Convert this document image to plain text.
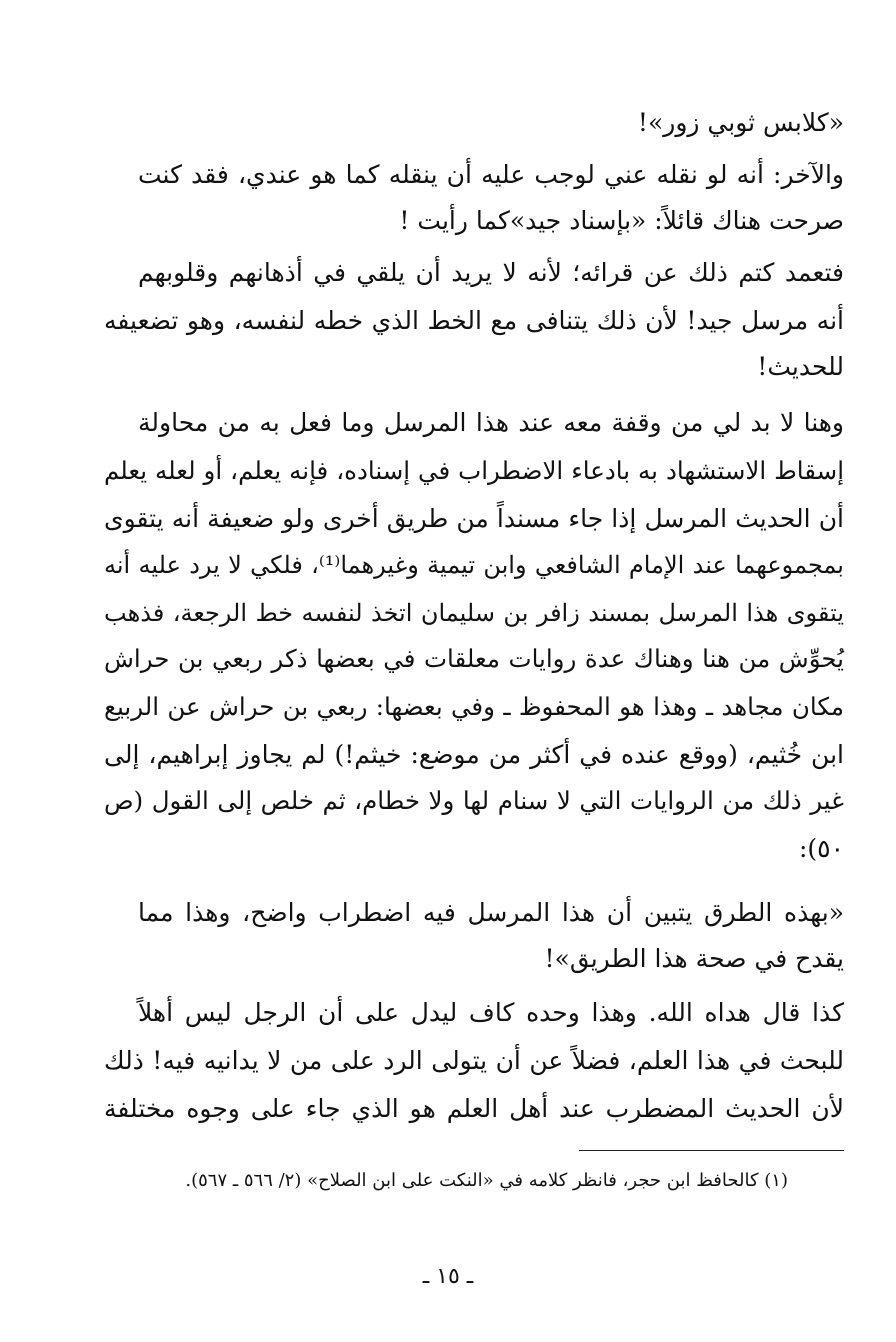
«كلابس ثوبي زور»!
والآخر: أنه لو نقله عني لوجب عليه أن ينقله كما هو عندي، فقد كنت
صرحت هناك قائلاً: «بإسناد جيد»كما رأيت !
فتعمد كتم ذلك عن قرائه؛ لأنه لا يريد أن يلقي في أذهانهم وقلوبهم
أنه مرسل جيد! لأن ذلك يتنافى مع الخط الذي خطه لنفسه، وهو تضعيفه
للحديث!
وهنا لا بد لي من وقفة معه عند هذا المرسل وما فعل به من محاولة
إسقاط الاستشهاد به بادعاء الاضطراب في إسناده، فإنه يعلم، أو لعله يعلم
أن الحديث المرسل إذا جاء مسنداً من طريق أخرى ولو ضعيفة أنه يتقوى
بمجموعهما عند الإمام الشافعي وابن تيمية وغيرهما⁽¹⁾، فلكي لا يرد عليه أنه
يتقوى هذا المرسل بمسند زافر بن سليمان اتخذ لنفسه خط الرجعة، فذهب
يُحوِّش من هنا وهناك عدة روايات معلقات في بعضها ذكر ربعي بن حراش
مكان مجاهد ـ وهذا هو المحفوظ ـ وفي بعضها: ربعي بن حراش عن الربيع
ابن خُثيم، (ووقع عنده في أكثر من موضع: خيثم!) لم يجاوز إبراهيم، إلى
غير ذلك من الروايات التي لا سنام لها ولا خطام، ثم خلص إلى القول (ص
٥٠):
«بهذه الطرق يتبين أن هذا المرسل فيه اضطراب واضح، وهذا مما
يقدح في صحة هذا الطريق»!
كذا قال هداه الله. وهذا وحده كاف ليدل على أن الرجل ليس أهلاً
للبحث في هذا العلم، فضلاً عن أن يتولى الرد على من لا يدانيه فيه! ذلك
لأن الحديث المضطرب عند أهل العلم هو الذي جاء على وجوه مختلفة
(١) كالحافظ ابن حجر، فانظر كلامه في «النكت على ابن الصلاح» (٢/ ٥٦٦ ـ ٥٦٧).
ـ ١٥ ـ
